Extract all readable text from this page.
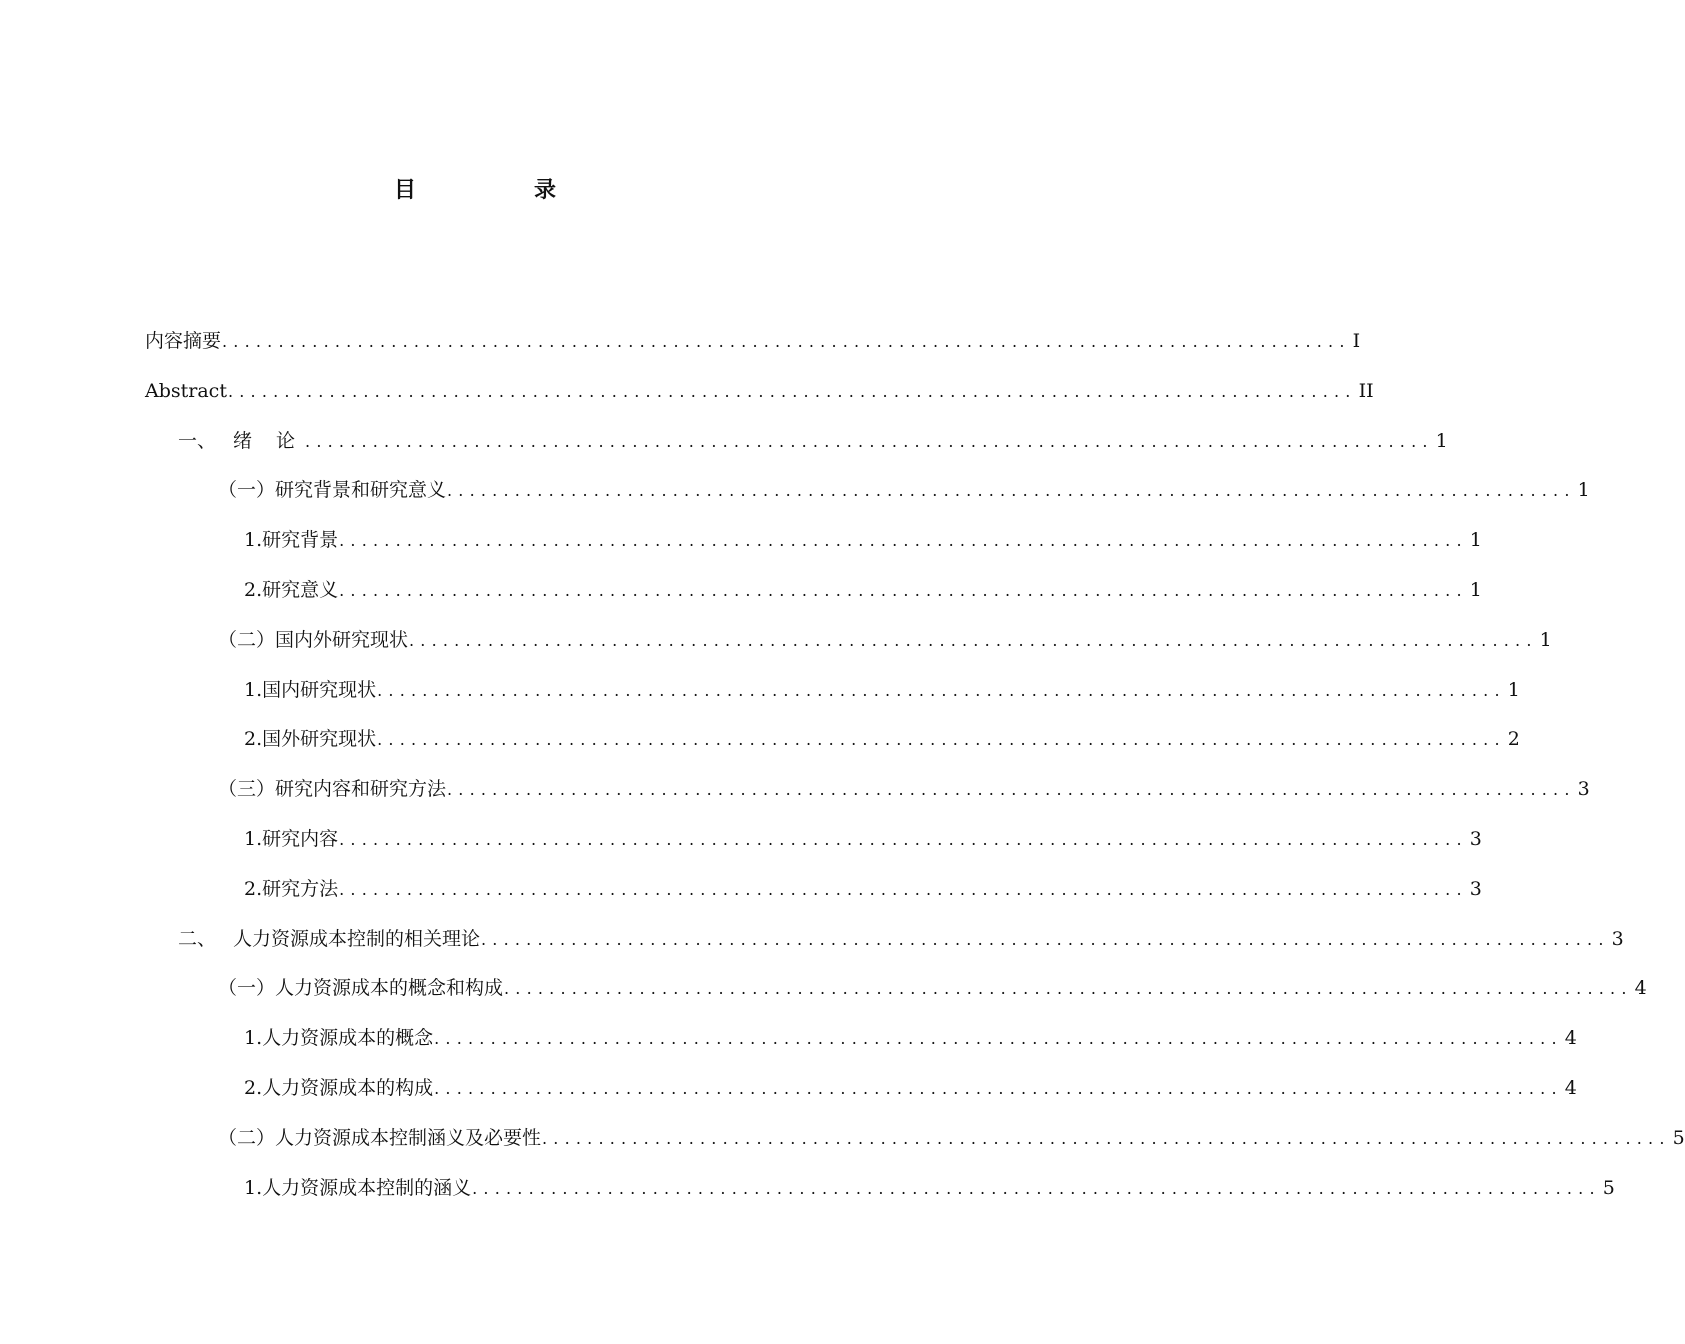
目　录
内容摘要 .................................................................................................... I
Abstract .................................................................................................... II
一、 绪 论 .................................................................................................... 1
（一）研究背景和研究意义 .................................................................................................... 1
1.研究背景 .................................................................................................... 1
2.研究意义 .................................................................................................... 1
（二）国内外研究现状 .................................................................................................... 1
1.国内研究现状 .................................................................................................... 1
2.国外研究现状 .................................................................................................... 2
（三）研究内容和研究方法 .................................................................................................... 3
1.研究内容 .................................................................................................... 3
2.研究方法 .................................................................................................... 3
二、 人力资源成本控制的相关理论 .................................................................................................... 3
（一）人力资源成本的概念和构成 .................................................................................................... 4
1.人力资源成本的概念 .................................................................................................... 4
2.人力资源成本的构成 .................................................................................................... 4
（二）人力资源成本控制涵义及必要性 .................................................................................................... 5
1.人力资源成本控制的涵义 .................................................................................................... 5
